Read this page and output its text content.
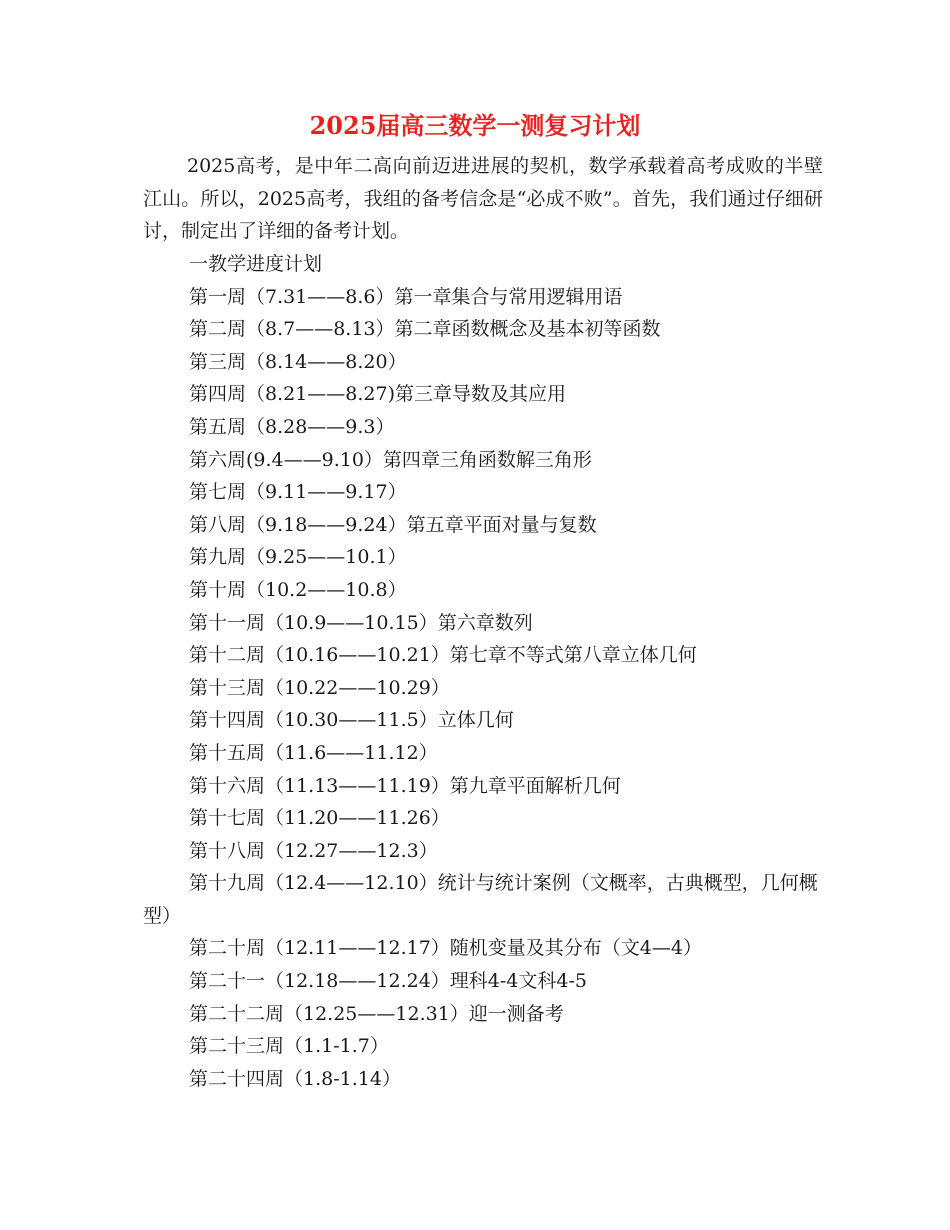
2025届高三数学一测复习计划

2025高考，是中年二高向前迈进进展的契机，数学承载着高考成败的半壁江山。所以，2025高考，我组的备考信念是“必成不败”。首先，我们通过仔细研讨，制定出了详细的备考计划。

一教学进度计划

第一周（7.31——8.6）第一章集合与常用逻辑用语

第二周（8.7——8.13）第二章函数概念及基本初等函数

第三周（8.14——8.20）

第四周（8.21——8.27)第三章导数及其应用

第五周（8.28——9.3）

第六周(9.4——9.10）第四章三角函数解三角形

第七周（9.11——9.17）

第八周（9.18——9.24）第五章平面对量与复数

第九周（9.25——10.1）

第十周（10.2——10.8）

第十一周（10.9——10.15）第六章数列

第十二周（10.16——10.21）第七章不等式第八章立体几何

第十三周（10.22——10.29）

第十四周（10.30——11.5）立体几何

第十五周（11.6——11.12）

第十六周（11.13——11.19）第九章平面解析几何

第十七周（11.20——11.26）

第十八周（12.27——12.3）

第十九周（12.4——12.10）统计与统计案例（文概率，古典概型，几何概型）

第二十周（12.11——12.17）随机变量及其分布（文4—4）

第二十一（12.18——12.24）理科4-4文科4-5

第二十二周（12.25——12.31）迎一测备考

第二十三周（1.1-1.7）

第二十四周（1.8-1.14）
